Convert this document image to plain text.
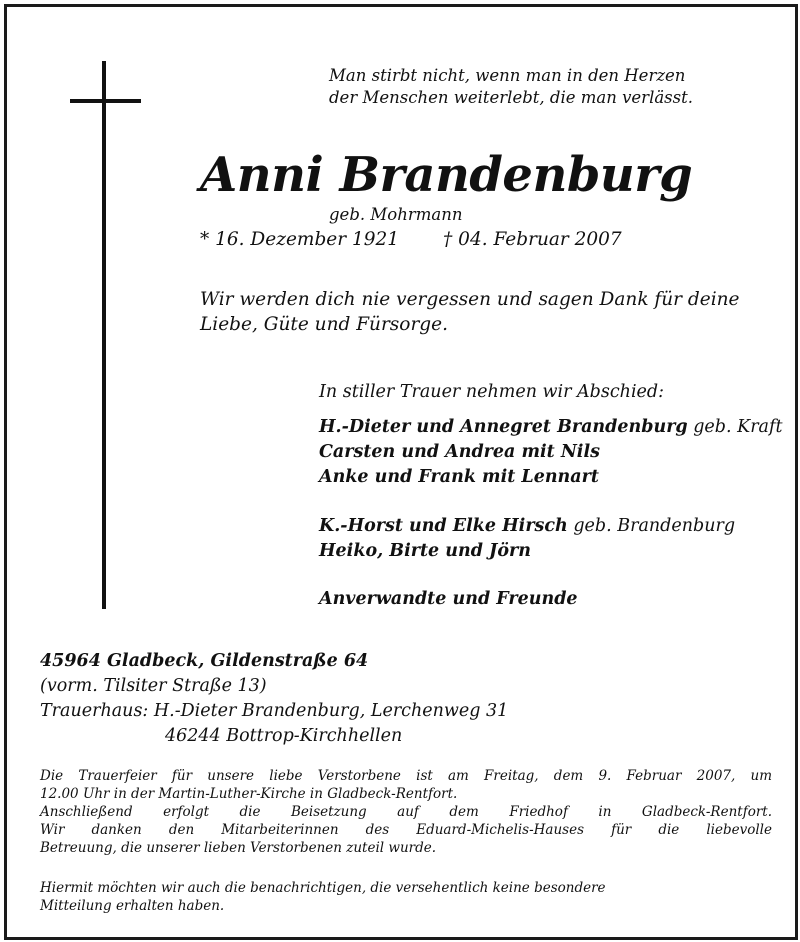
Man stirbt nicht, wenn man in den Herzen
der Menschen weiterlebt, die man verlässt.
Anni Brandenburg
geb. Mohrmann
* 16. Dezember 1921 † 04. Februar 2007
Wir werden dich nie vergessen und sagen Dank für deine
Liebe, Güte und Fürsorge.
In stiller Trauer nehmen wir Abschied:
H.-Dieter und Annegret Brandenburg geb. Kraft
Carsten und Andrea mit Nils
Anke und Frank mit Lennart
K.-Horst und Elke Hirsch geb. Brandenburg
Heiko, Birte und Jörn
Anverwandte und Freunde
45964 Gladbeck, Gildenstraße 64
(vorm. Tilsiter Straße 13)
Trauerhaus: H.-Dieter Brandenburg, Lerchenweg 31
46244 Bottrop-Kirchhellen
Die Trauerfeier für unsere liebe Verstorbene ist am Freitag, dem 9. Februar 2007, um
12.00 Uhr in der Martin-Luther-Kirche in Gladbeck-Rentfort.
Anschließend erfolgt die Beisetzung auf dem Friedhof in Gladbeck-Rentfort.
Wir danken den Mitarbeiterinnen des Eduard-Michelis-Hauses für die liebevolle
Betreuung, die unserer lieben Verstorbenen zuteil wurde.
Hiermit möchten wir auch die benachrichtigen, die versehentlich keine besondere
Mitteilung erhalten haben.
